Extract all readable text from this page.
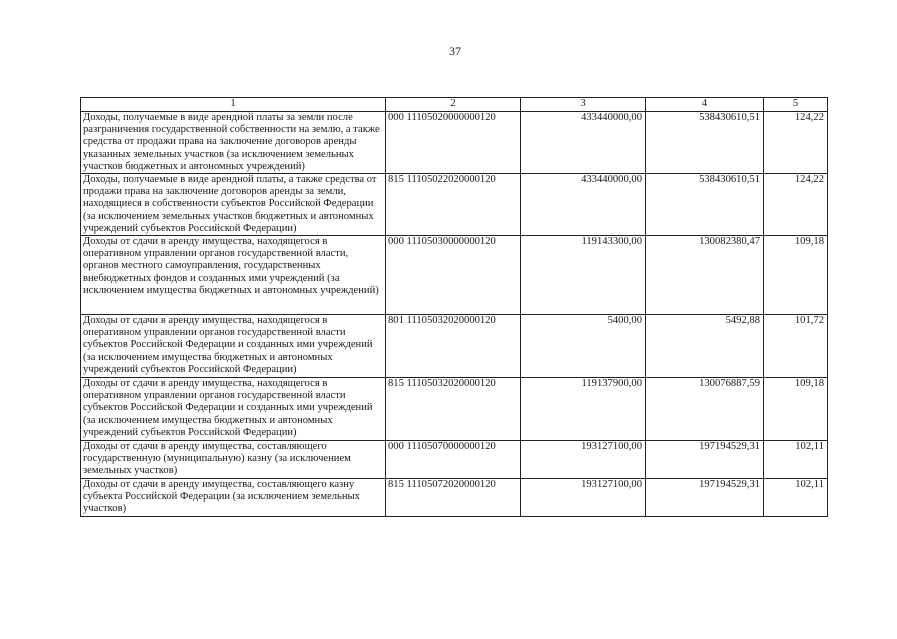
37
1	2	3	4	5
Доходы, получаемые в виде арендной платы за земли после разграничения государственной собственности на землю, а также средства от продажи права на заключение договоров аренды указанных земельных участков (за исключением земельных участков бюджетных и автономных учреждений)	000 11105020000000120	433440000,00	538430610,51	124,22
Доходы, получаемые в виде арендной платы, а также средства от продажи права на заключение договоров аренды за земли, находящиеся в собственности субъектов Российской Федерации (за исключением земельных участков бюджетных и автономных учреждений субъектов Российской Федерации)	815 11105022020000120	433440000,00	538430610,51	124,22
Доходы от сдачи в аренду имущества, находящегося в оперативном управлении органов государственной власти, органов местного самоуправления, государственных внебюджетных фондов и созданных ими учреждений (за исключением имущества бюджетных и автономных учреждений)	000 11105030000000120	119143300,00	130082380,47	109,18
Доходы от сдачи в аренду имущества, находящегося в оперативном управлении органов государственной власти субъектов Российской Федерации и созданных ими учреждений (за исключением имущества бюджетных и автономных учреждений субъектов Российской Федерации)	801 11105032020000120	5400,00	5492,88	101,72
Доходы от сдачи в аренду имущества, находящегося в оперативном управлении органов государственной власти субъектов Российской Федерации и созданных ими учреждений (за исключением имущества бюджетных и автономных учреждений субъектов Российской Федерации)	815 11105032020000120	119137900,00	130076887,59	109,18
Доходы от сдачи в аренду имущества, составляющего государственную (муниципальную) казну (за исключением земельных участков)	000 11105070000000120	193127100,00	197194529,31	102,11
Доходы от сдачи в аренду имущества, составляющего казну субъекта Российской Федерации (за исключением земельных участков)	815 11105072020000120	193127100,00	197194529,31	102,11
